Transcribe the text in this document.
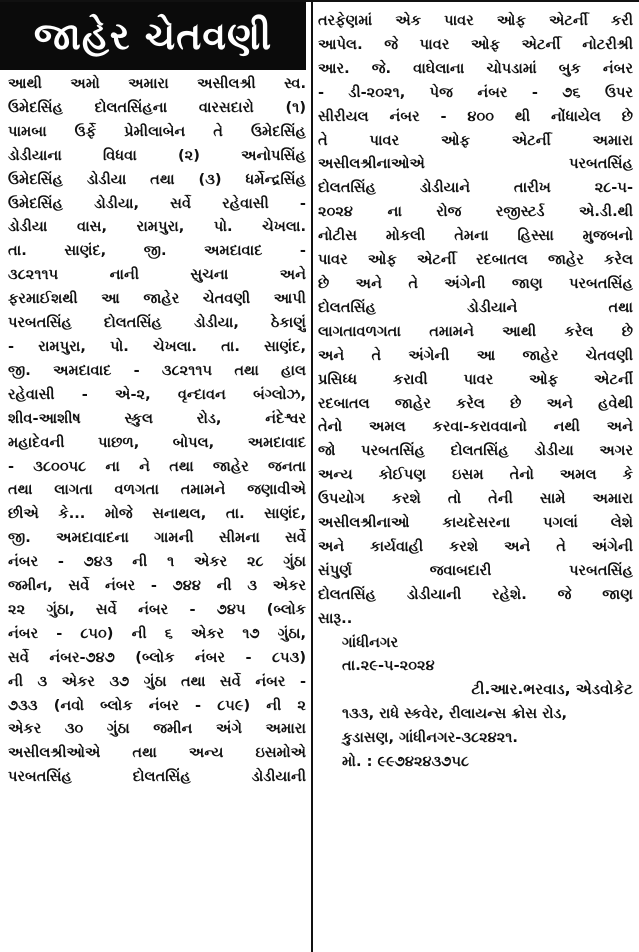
જાહેર ચેતવણી
આથી અમો અમારા અસીલશ્રી સ્વ.
ઉમેદસિંહ દોલતસિંહના વારસદારો (૧)
પામબા ઉર્ફે પ્રેમીલાબેન તે ઉમેદસિંહ
ડોડીયાના વિધવા (૨) અનોપસિંહ
ઉમેદસિંહ ડોડીયા તથા (૩) ધર્મેન્દ્રસિંહ
ઉમેદસિંહ ડોડીયા, સર્વે રહેવાસી -
ડોડીયા વાસ, રામપુરા, પો. ચેખલા.
તા. સાણંદ, જી. અમદાવાદ -
૩૮૨૧૧૫ નાની સુચના અને
ફરમાઈશથી આ જાહેર ચેતવણી આપી
પરબતસિંહ દોલતસિંહ ડોડીયા, ઠેકાણું
- રામપુરા, પો. ચેખલા. તા. સાણંદ,
જી. અમદાવાદ - ૩૮૨૧૧૫ તથા હાલ
રહેવાસી - એ-૨, વૃન્દાવન બંગ્લોઝ,
શીવ-આશીષ સ્કુલ રોડ, નંદેશ્વર
મહાદેવની પાછળ, બોપલ, અમદાવાદ
- ૩૮૦૦૫૮ ના ને તથા જાહેર જનતા
તથા લાગતા વળગતા તમામને જણાવીએ
છીએ કે... મોજે સનાથલ, તા. સાણંદ,
જી. અમદાવાદના ગામની સીમના સર્વે
નંબર - ૭૪૩ ની ૧ એકર ૨૮ ગુંઠા
જમીન, સર્વે નંબર - ૭૪૪ ની ૩ એકર
૨૨ ગુંઠા, સર્વે નંબર - ૭૪૫ (બ્લોક
નંબર - ૮૫૦) ની ૬ એકર ૧૭ ગુંઠા,
સર્વે નંબર-૭૪૭ (બ્લોક નંબર - ૮૫૩)
ની ૩ એકર ૩૭ ગુંઠા તથા સર્વે નંબર -
૭૩૩ (નવો બ્લોક નંબર - ૮૫૯) ની ૨
એકર ૩૦ ગુંઠા જમીન અંગે અમારા
અસીલશ્રીઓએ તથા અન્ય ઇસમોએ
પરબતસિંહ દોલતસિંહ ડોડીયાની
તરફેણમાં એક પાવર ઓફ એટર્ની કરી
આપેલ. જે પાવર ઓફ એટર્ની નોટરીશ્રી
આર. જે. વાઘેલાના ચોપડામાં બુક નંબર
- ડી-૨૦૨૧, પેજ નંબર - ૭૬ ઉપર
સીરીયલ નંબર - ૪૦૦ થી નોંધાયેલ છે
તે પાવર ઓફ એટર્ની અમારા
અસીલશ્રીનાઓએ પરબતસિંહ
દોલતસિંહ ડોડીયાને તારીખ ૨૮-૫-
૨૦૨૪ ના રોજ રજીસ્ટર્ડ એ.ડી.થી
નોટીસ મોકલી તેમના હિસ્સા મુજબનો
પાવર ઓફ એટર્ની રદબાતલ જાહેર કરેલ
છે અને તે અંગેની જાણ પરબતસિંહ
દોલતસિંહ ડોડીયાને તથા
લાગતાવળગતા તમામને આથી કરેલ છે
અને તે અંગેની આ જાહેર ચેતવણી
પ્રસિધ્ધ કરાવી પાવર ઓફ એટર્ની
રદબાતલ જાહેર કરેલ છે અને હવેથી
તેનો અમલ કરવા-કરાવવાનો નથી અને
જો પરબતસિંહ દોલતસિંહ ડોડીયા અગર
અન્ય કોઈપણ ઇસમ તેનો અમલ કે
ઉપયોગ કરશે તો તેની સામે અમારા
અસીલશ્રીનાઓ કાયદેસરના પગલાં લેશે
અને કાર્યવાહી કરશે અને તે અંગેની
સંપુર્ણ જવાબદારી પરબતસિંહ
દોલતસિંહ ડોડીયાની રહેશે. જે જાણ
સારૂ..
ગાંધીનગર
તા.૨૯-૫-૨૦૨૪
ટી.આર.ભરવાડ, એડવોકેટ
૧૩૩, રાધે સ્કવેર, રીલાયન્સ ક્રોસ રોડ,
કુડાસણ, ગાંધીનગર-૩૮૨૪૨૧.
મો. : ૯૯૭૪૨૪૩૭૫૮
